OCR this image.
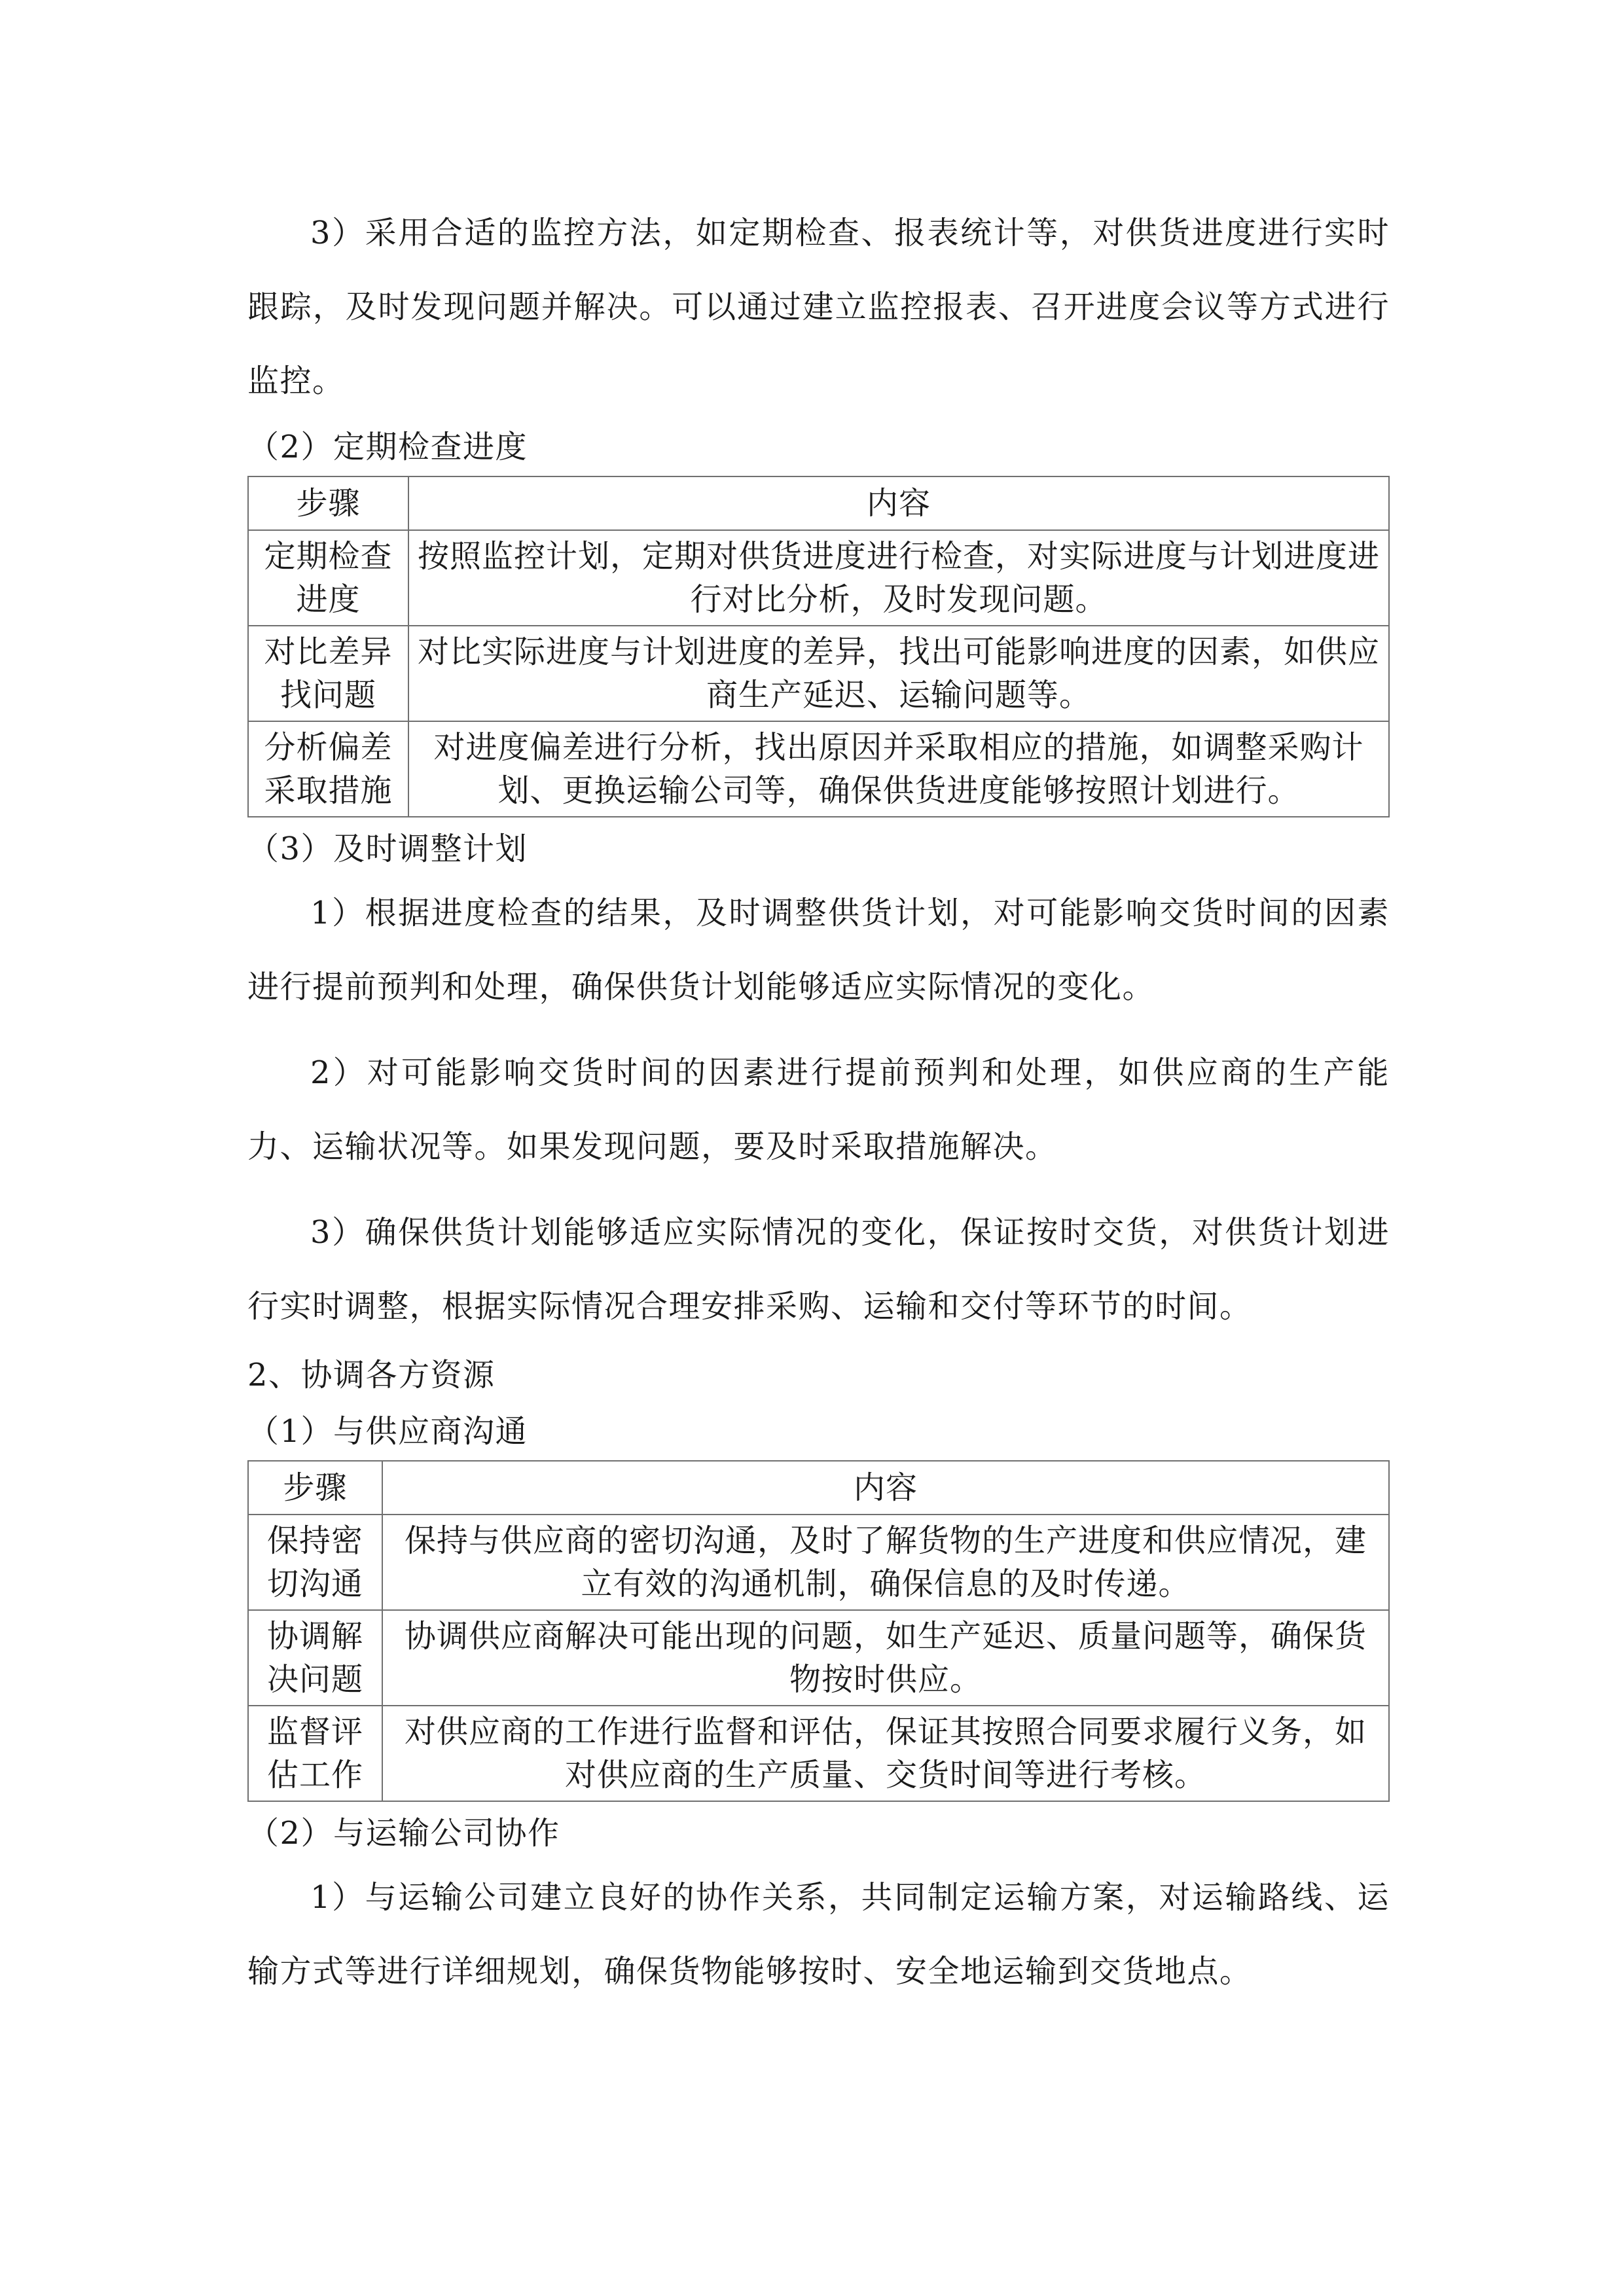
3）采用合适的监控方法，如定期检查、报表统计等，对供货进度进行实时跟踪，及时发现问题并解决。可以通过建立监控报表、召开进度会议等方式进行监控。

（2）定期检查进度

步骤	内容
定期检查进度	按照监控计划，定期对供货进度进行检查，对实际进度与计划进度进行对比分析，及时发现问题。
对比差异找问题	对比实际进度与计划进度的差异，找出可能影响进度的因素，如供应商生产延迟、运输问题等。
分析偏差采取措施	对进度偏差进行分析，找出原因并采取相应的措施，如调整采购计划、更换运输公司等，确保供货进度能够按照计划进行。

（3）及时调整计划

1）根据进度检查的结果，及时调整供货计划，对可能影响交货时间的因素进行提前预判和处理，确保供货计划能够适应实际情况的变化。

2）对可能影响交货时间的因素进行提前预判和处理，如供应商的生产能力、运输状况等。如果发现问题，要及时采取措施解决。

3）确保供货计划能够适应实际情况的变化，保证按时交货，对供货计划进行实时调整，根据实际情况合理安排采购、运输和交付等环节的时间。

2、协调各方资源

（1）与供应商沟通

步骤	内容
保持密切沟通	保持与供应商的密切沟通，及时了解货物的生产进度和供应情况，建立有效的沟通机制，确保信息的及时传递。
协调解决问题	协调供应商解决可能出现的问题，如生产延迟、质量问题等，确保货物按时供应。
监督评估工作	对供应商的工作进行监督和评估，保证其按照合同要求履行义务，如对供应商的生产质量、交货时间等进行考核。

（2）与运输公司协作

1）与运输公司建立良好的协作关系，共同制定运输方案，对运输路线、运输方式等进行详细规划，确保货物能够按时、安全地运输到交货地点。
